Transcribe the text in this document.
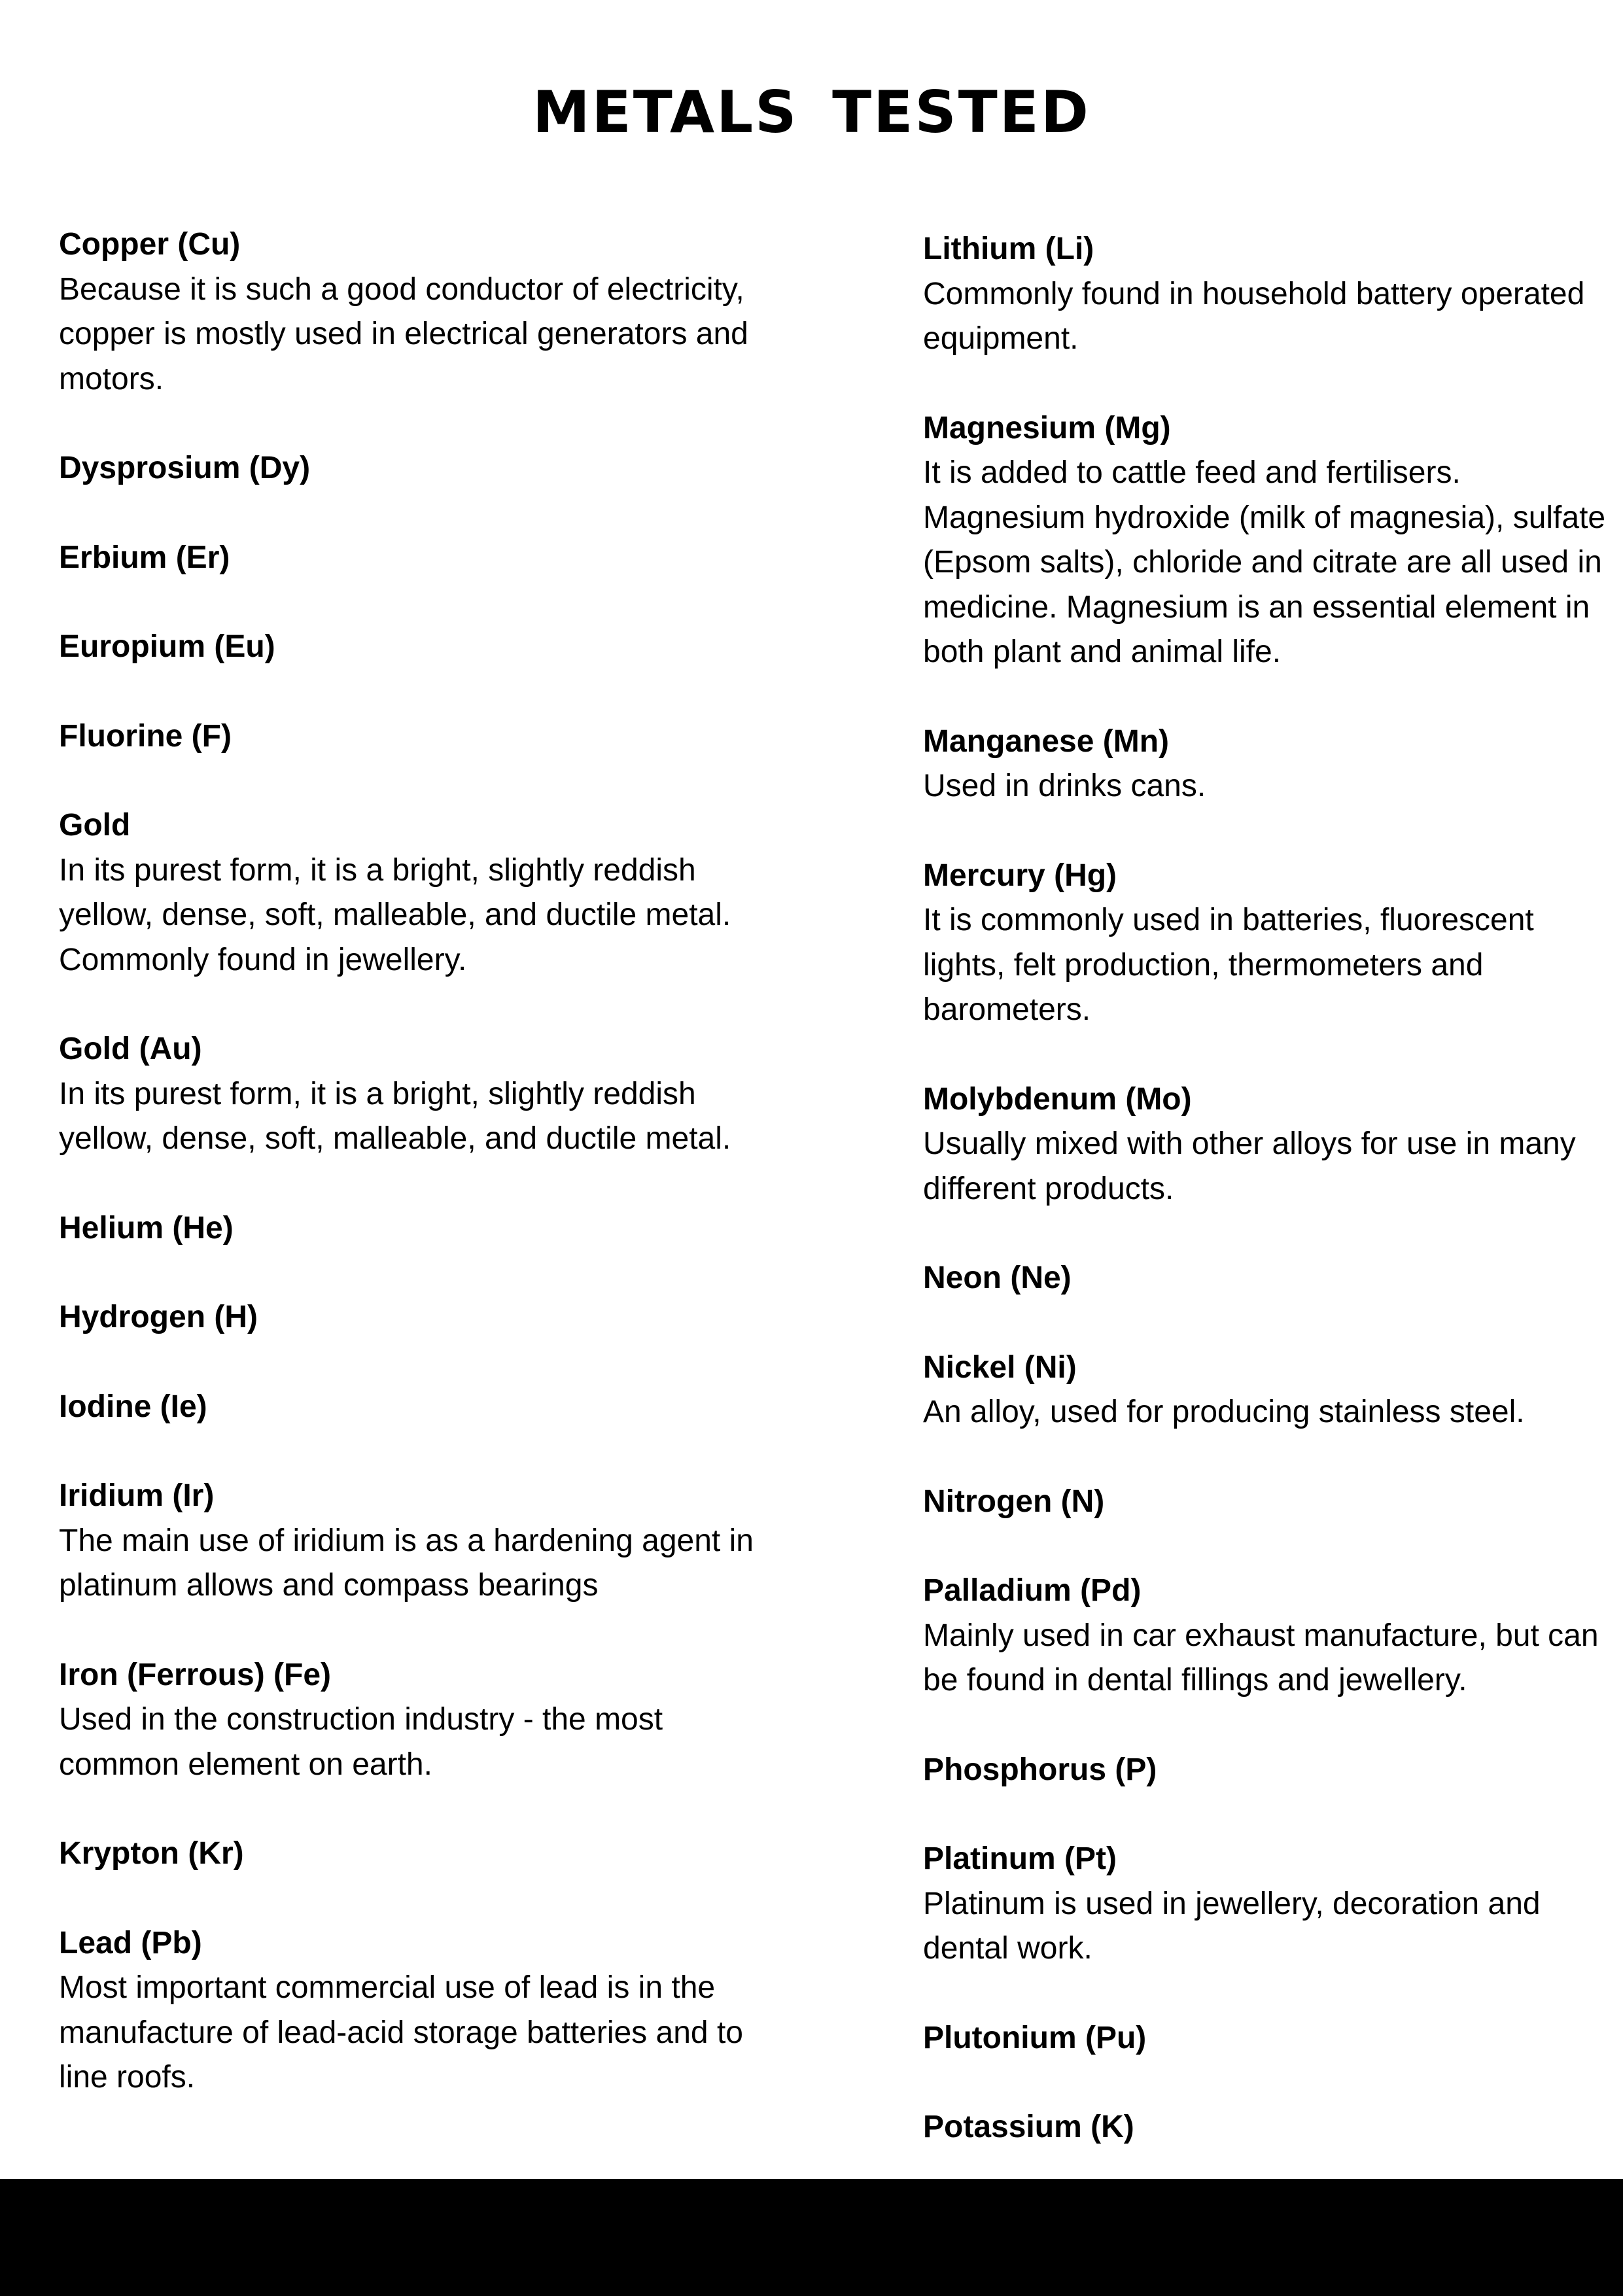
METALS TESTED

Copper (Cu)

Because it is such a good conductor of electricity, copper is mostly used in electrical generators and motors.

Dysprosium (Dy)

Erbium (Er)

Europium (Eu)

Fluorine (F)

Gold

In its purest form, it is a bright, slightly reddish yellow, dense, soft, malleable, and ductile metal. Commonly found in jewellery.

Gold (Au)

In its purest form, it is a bright, slightly reddish yellow, dense, soft, malleable, and ductile metal.

Helium (He)

Hydrogen (H)

Iodine (Ie)

Iridium (Ir)

The main use of iridium is as a hardening agent in platinum allows and compass bearings

Iron (Ferrous) (Fe)

Used in the construction industry - the most common element on earth.

Krypton (Kr)

Lead (Pb)

Most important commercial use of lead is in the manufacture of lead-acid storage batteries and to line roofs.

Lithium (Li)

Commonly found in household battery operated equipment.

Magnesium (Mg)

It is added to cattle feed and fertilisers. Magnesium hydroxide (milk of magnesia), sulfate (Epsom salts), chloride and citrate are all used in medicine. Magnesium is an essential element in both plant and animal life.

Manganese (Mn)

Used in drinks cans.

Mercury (Hg)

It is commonly used in batteries, fluorescent lights, felt production, thermometers and barometers.

Molybdenum (Mo)

Usually mixed with other alloys for use in many different products.

Neon (Ne)

Nickel (Ni)

An alloy, used for producing stainless steel.

Nitrogen (N)

Palladium (Pd)

Mainly used in car exhaust manufacture, but can be found in dental fillings and jewellery.

Phosphorus (P)

Platinum (Pt)

Platinum is used in jewellery, decoration and dental work.

Plutonium (Pu)

Potassium (K)
